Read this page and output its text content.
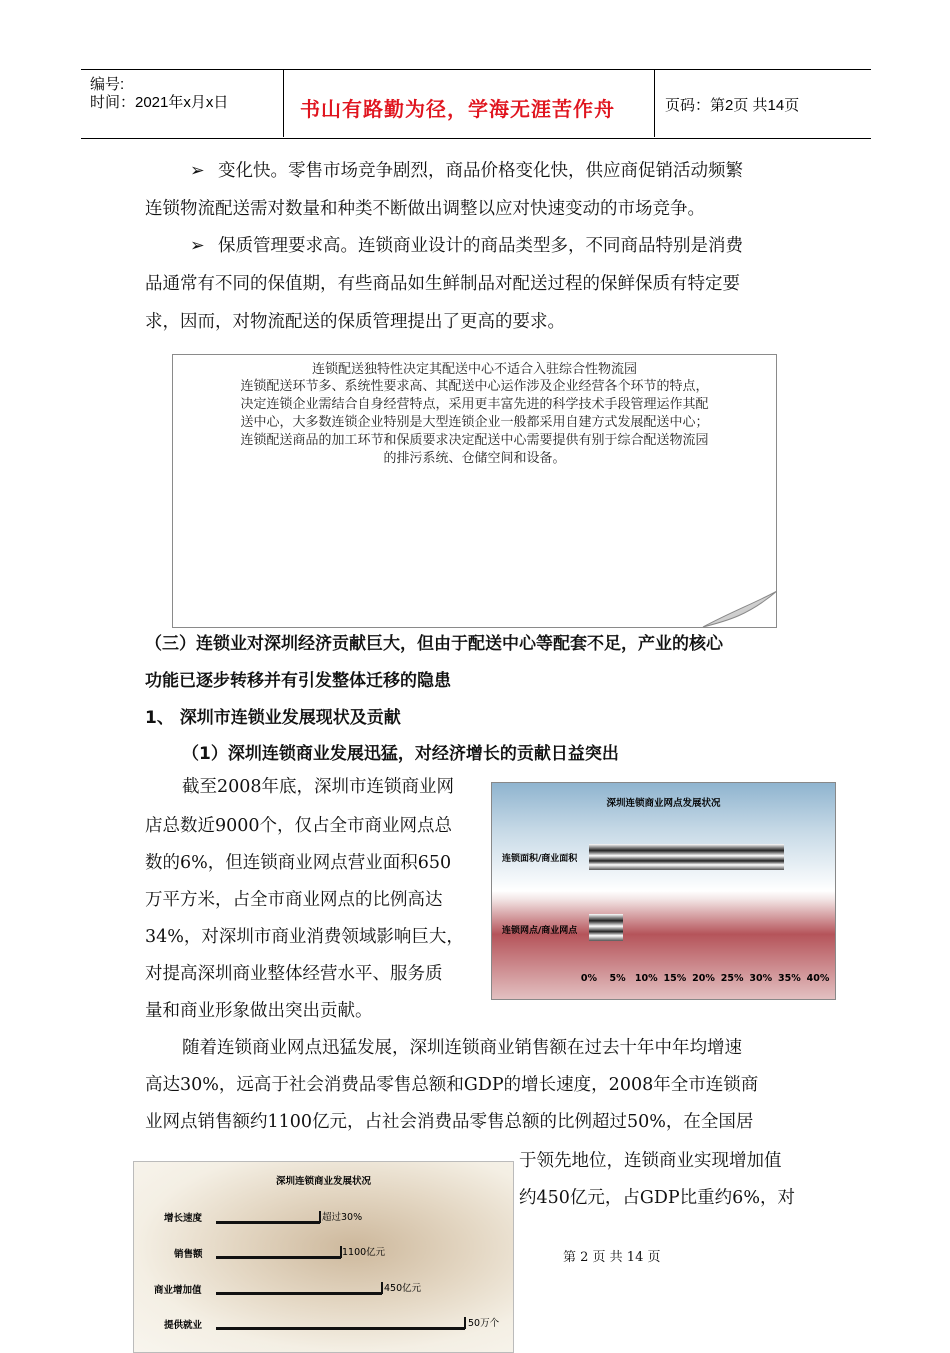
编号:
时间：2021年x月x日	书山有路勤为径，学海无涯苦作舟	页码：第2页 共14页
➢ 变化快。零售市场竞争剧烈，商品价格变化快，供应商促销活动频繁
连锁物流配送需对数量和种类不断做出调整以应对快速变动的市场竞争。
➢ 保质管理要求高。连锁商业设计的商品类型多，不同商品特别是消费
品通常有不同的保值期，有些商品如生鲜制品对配送过程的保鲜保质有特定要
求，因而，对物流配送的保质管理提出了更高的要求。
连锁配送独特性决定其配送中心不适合入驻综合性物流园
连锁配送环节多、系统性要求高、其配送中心运作涉及企业经营各个环节的特点，
决定连锁企业需结合自身经营特点，采用更丰富先进的科学技术手段管理运作其配
送中心，大多数连锁企业特别是大型连锁企业一般都采用自建方式发展配送中心；
连锁配送商品的加工环节和保质要求决定配送中心需要提供有别于综合配送物流园
的排污系统、仓储空间和设备。
（三）连锁业对深圳经济贡献巨大，但由于配送中心等配套不足，产业的核心
功能已逐步转移并有引发整体迁移的隐患
1、 深圳市连锁业发展现状及贡献
（1）深圳连锁商业发展迅猛，对经济增长的贡献日益突出
截至2008年底，深圳市连锁商业网
店总数近9000个，仅占全市商业网点总
数的6%，但连锁商业网点营业面积650
万平方米，占全市商业网点的比例高达
34%，对深圳市商业消费领域影响巨大，
对提高深圳商业整体经营水平、服务质
量和商业形象做出突出贡献。
深圳连锁商业网点发展状况
连锁面积/商业面积
连锁网点/商业网点
0% 5% 10% 15% 20% 25% 30% 35% 40%
随着连锁商业网点迅猛发展，深圳连锁商业销售额在过去十年中年均增速
高达30%，远高于社会消费品零售总额和GDP的增长速度，2008年全市连锁商
业网点销售额约1100亿元，占社会消费品零售总额的比例超过50%，在全国居
于领先地位，连锁商业实现增加值
约450亿元，占GDP比重约6%，对
深圳连锁商业发展状况
增长速度	超过30%
销售额	1100亿元
商业增加值	450亿元
提供就业	50万个
第 2 页 共 14 页
